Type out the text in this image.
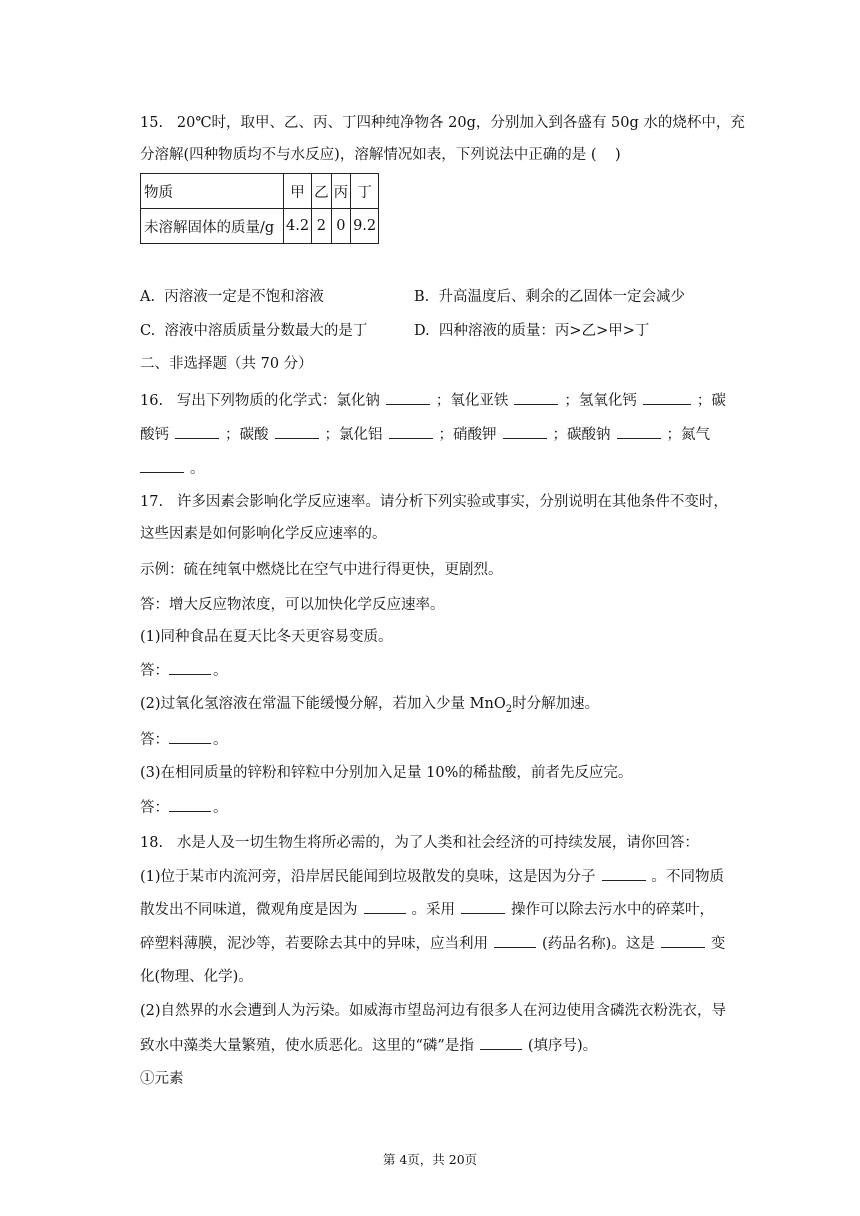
15.   20℃时，取甲、乙、丙、丁四种纯净物各 20g，分别加入到各盛有 50g 水的烧杯中，充
分溶解(四种物质均不与水反应)，溶解情况如表，下列说法中正确的是 (    )
物质	甲	乙	丙	丁
未溶解固体的质量/g	4.2	2	0	9.2
A.  丙溶液一定是不饱和溶液	B.  升高温度后、剩余的乙固体一定会减少
C.  溶液中溶质质量分数最大的是丁	D.  四种溶液的质量：丙>乙>甲>丁
二、非选择题（共 70 分）
16.   写出下列物质的化学式：氯化钠	；氧化亚铁	；氢氧化钙	；碳
酸钙	；碳酸	；氯化铝	；硝酸钾	；碳酸钠	；氮气
。
17.   许多因素会影响化学反应速率。请分析下列实验或事实，分别说明在其他条件不变时，
这些因素是如何影响化学反应速率的。
示例：硫在纯氧中燃烧比在空气中进行得更快，更剧烈。
答：增大反应物浓度，可以加快化学反应速率。
(1)同种食品在夏天比冬天更容易变质。
答：	。
(2)过氧化氢溶液在常温下能缓慢分解，若加入少量 MnO$_2$时分解加速。
答：	。
(3)在相同质量的锌粉和锌粒中分别加入足量 10%的稀盐酸，前者先反应完。
答：	。
18.   水是人及一切生物生将所必需的，为了人类和社会经济的可持续发展，请你回答：
(1)位于某市内流河旁，沿岸居民能闻到垃圾散发的臭味，这是因为分子	。不同物质
散发出不同味道，微观角度是因为	。采用	操作可以除去污水中的碎菜叶，
碎塑料薄膜，泥沙等，若要除去其中的异味，应当利用	(药品名称)。这是	变
化(物理、化学)。
(2)自然界的水会遭到人为污染。如威海市望岛河边有很多人在河边使用含磷洗衣粉洗衣，导
致水中藻类大量繁殖，使水质恶化。这里的“磷”是指	(填序号)。
①元素
第 4页，共 20页
